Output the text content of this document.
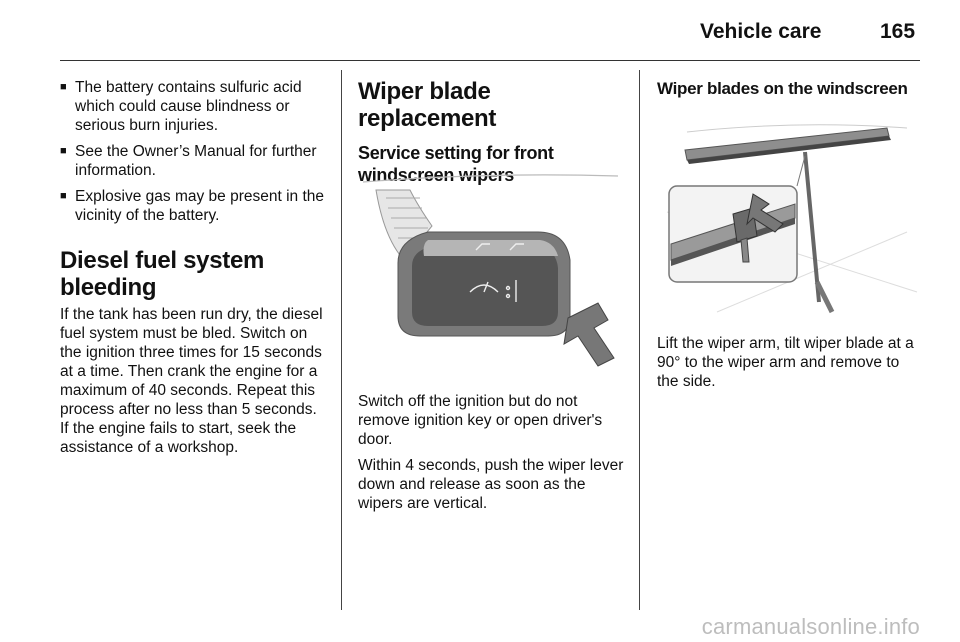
Vehicle care	165
■ The battery contains sulfuric acid which could cause blindness or serious burn injuries.
■ See the Owner’s Manual for further information.
■ Explosive gas may be present in the vicinity of the battery.
Diesel fuel system bleeding

If the tank has been run dry, the diesel fuel system must be bled. Switch on the ignition three times for 15 seconds at a time. Then crank the engine for a maximum of 40 seconds. Repeat this process after no less than 5 seconds. If the engine fails to start, seek the assistance of a workshop.

Wiper blade replacement
Service setting for front windscreen wipers

Switch off the ignition but do not remove ignition key or open driver's door.

Within 4 seconds, push the wiper lever down and release as soon as the wipers are vertical.

Wiper blades on the windscreen

Lift the wiper arm, tilt wiper blade at a 90° to the wiper arm and remove to the side.

carmanualsonline.info
